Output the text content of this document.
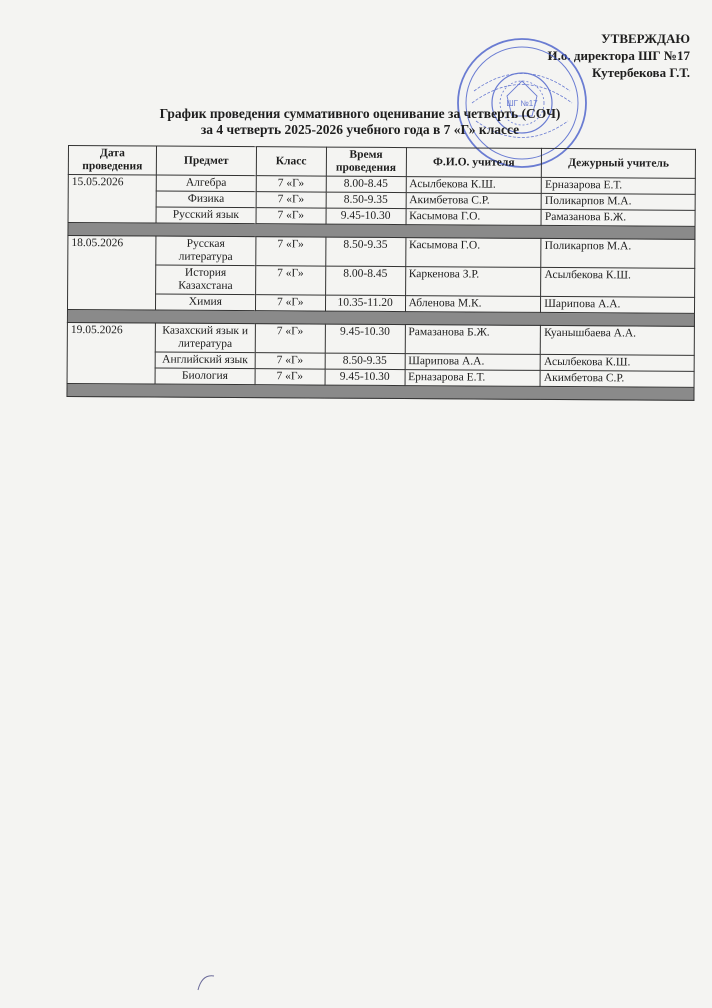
УТВЕРЖДАЮ
И.о. директора ШГ №17
Кутербекова Г.Т.
ШГ №17
График проведения суммативного оценивание за четверть (СОЧ)
за 4 четверть 2025-2026 учебного года в 7 «Г» классе
Дата проведения	Предмет	Класс	Время проведения	Ф.И.О. учителя	Дежурный учитель
15.05.2026	Алгебра	7 «Г»	8.00-8.45	Асылбекова К.Ш.	Ерназарова Е.Т.
	Физика	7 «Г»	8.50-9.35	Акимбетова С.Р.	Поликарпов М.А.
	Русский язык	7 «Г»	9.45-10.30	Касымова Г.О.	Рамазанова Б.Ж.

18.05.2026	Русская литература	7 «Г»	8.50-9.35	Касымова Г.О.	Поликарпов М.А.
	История Казахстана	7 «Г»	8.00-8.45	Каркенова З.Р.	Асылбекова К.Ш.
	Химия	7 «Г»	10.35-11.20	Абленова М.К.	Шарипова А.А.

19.05.2026	Казахский язык и литература	7 «Г»	9.45-10.30	Рамазанова Б.Ж.	Куанышбаева А.А.
	Английский язык	7 «Г»	8.50-9.35	Шарипова А.А.	Асылбекова К.Ш.
	Биология	7 «Г»	9.45-10.30	Ерназарова Е.Т.	Акимбетова С.Р.
